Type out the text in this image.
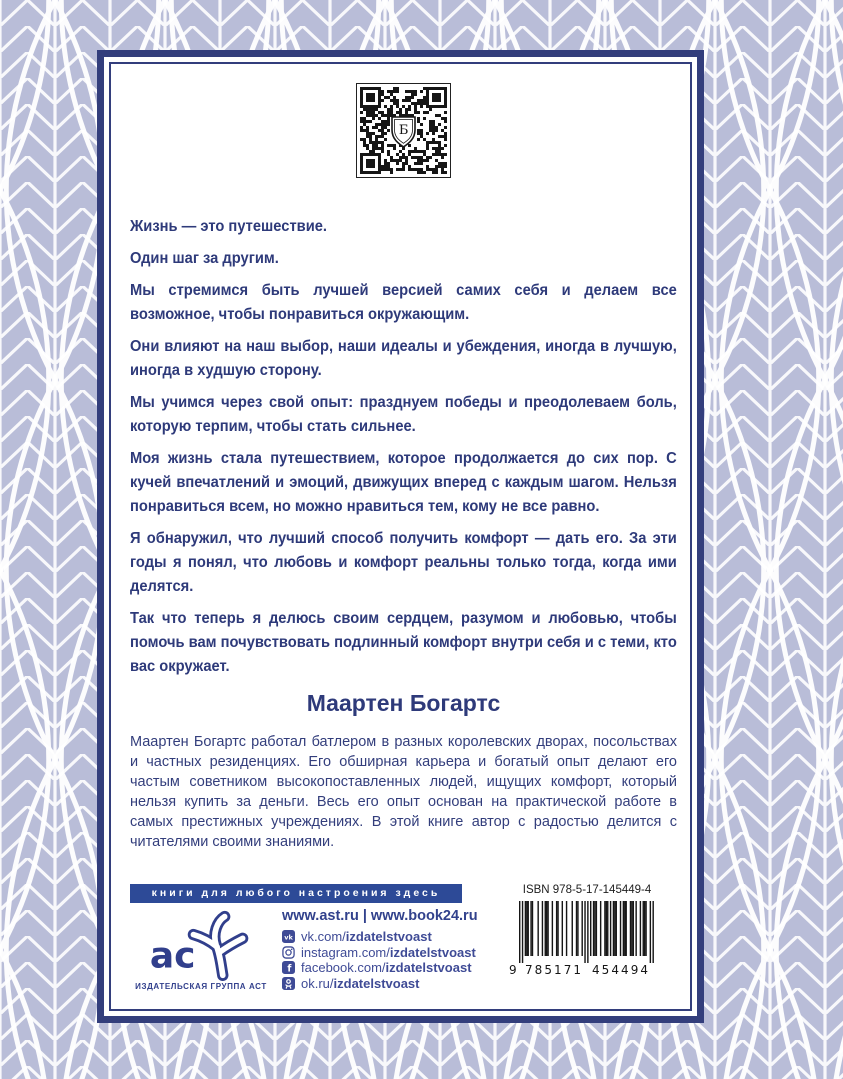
Б

Жизнь — это путешествие.

Один шаг за другим.

Мы стремимся быть лучшей версией самих себя и делаем все возможное, чтобы понравиться окружающим.

Они влияют на наш выбор, наши идеалы и убеждения, иногда в лучшую, иногда в худшую сторону.

Мы учимся через свой опыт: празднуем победы и преодолеваем боль, которую терпим, чтобы стать сильнее.

Моя жизнь стала путешествием, которое продолжается до сих пор. С кучей впечатлений и эмоций, движущих вперед с каждым шагом. Нельзя понравиться всем, но можно нравиться тем, кому не все равно.

Я обнаружил, что лучший способ получить комфорт — дать его. За эти годы я понял, что любовь и комфорт реальны только тогда, когда ими делятся.

Так что теперь я делюсь своим сердцем, разумом и любовью, чтобы помочь вам почувствовать подлинный комфорт внутри себя и с теми, кто вас окружает.

Маартен Богартс

Маартен Богартс работал батлером в разных королевских дворах, посольствах и частных резиденциях. Его обширная карьера и богатый опыт делают его частым советником высокопоставленных людей, ищущих комфорт, который нельзя купить за деньги. Весь его опыт основан на практической работе в самых престижных учреждениях. В этой книге автор с радостью делится с читателями своими знаниями.

книги для любого настроения здесь
ас
ИЗДАТЕЛЬСКАЯ ГРУППА АСТ
www.ast.ru | www.book24.ru
vk vk.com/izdatelstvoast
instagram.com/izdatelstvoast
f facebook.com/izdatelstvoast
ok.ru/izdatelstvoast
ISBN 978-5-17-145449-4
9 785171 454494
